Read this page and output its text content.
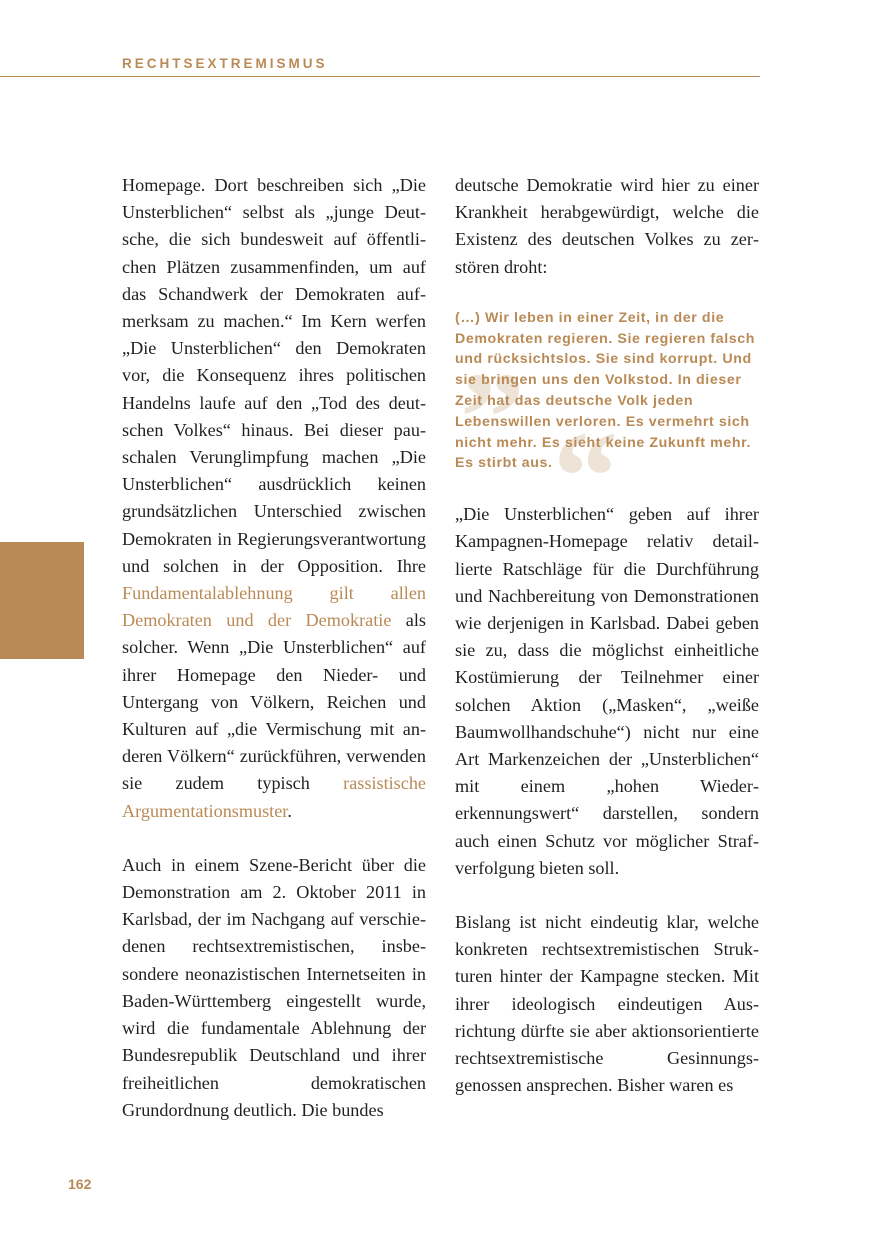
RECHTSEXTREMISMUS

Homepage. Dort beschreiben sich „Die Unsterblichen“ selbst als „junge Deutsche, die sich bundesweit auf öffentlichen Plätzen zusammenfinden, um auf das Schandwerk der Demokraten aufmerksam zu machen.“ Im Kern werfen „Die Unsterblichen“ den Demokraten vor, die Konsequenz ihres politischen Handelns laufe auf den „Tod des deutschen Volkes“ hinaus. Bei dieser pauschalen Verunglimpfung machen „Die Unsterblichen“ ausdrücklich keinen grundsätzlichen Unterschied zwischen Demokraten in Regierungsverantwortung und solchen in der Opposition. Ihre Fundamentalablehnung gilt allen Demokraten und der Demokratie als solcher. Wenn „Die Unsterblichen“ auf ihrer Homepage den Nieder- und Untergang von Völkern, Reichen und Kulturen auf „die Vermischung mit anderen Völkern“ zurückführen, verwenden sie zudem typisch rassistische Argumentationsmuster.

Auch in einem Szene-Bericht über die Demonstration am 2. Oktober 2011 in Karlsbad, der im Nachgang auf verschiedenen rechtsextremistischen, insbesondere neonazistischen Internetseiten in Baden-Württemberg eingestellt wurde, wird die fundamentale Ablehnung der Bundesrepublik Deutschland und ihrer freiheitlichen demokratischen Grundordnung deutlich. Die bundes

deutsche Demokratie wird hier zu einer Krankheit herabgewürdigt, welche die Existenz des deutschen Volkes zu zerstören droht:

„
“
(…) Wir leben in einer Zeit, in der die Demokraten regieren. Sie regieren falsch und rücksichtslos. Sie sind korrupt. Und sie bringen uns den Volkstod. In dieser Zeit hat das deutsche Volk jeden Lebenswillen verloren. Es vermehrt sich nicht mehr. Es sieht keine Zukunft mehr. Es stirbt aus.

„Die Unsterblichen“ geben auf ihrer Kampagnen-Homepage relativ detaillierte Ratschläge für die Durchführung und Nachbereitung von Demonstrationen wie derjenigen in Karlsbad. Dabei geben sie zu, dass die möglichst einheitliche Kostümierung der Teilnehmer einer solchen Aktion („Masken“, „weiße Baumwollhandschuhe“) nicht nur eine Art Markenzeichen der „Unsterblichen“ mit einem „hohen Wiedererkennungswert“ darstellen, sondern auch einen Schutz vor möglicher Strafverfolgung bieten soll.

Bislang ist nicht eindeutig klar, welche konkreten rechtsextremistischen Strukturen hinter der Kampagne stecken. Mit ihrer ideologisch eindeutigen Ausrichtung dürfte sie aber aktionsorientierte rechtsextremistische Gesinnungsgenossen ansprechen. Bisher waren es

162
